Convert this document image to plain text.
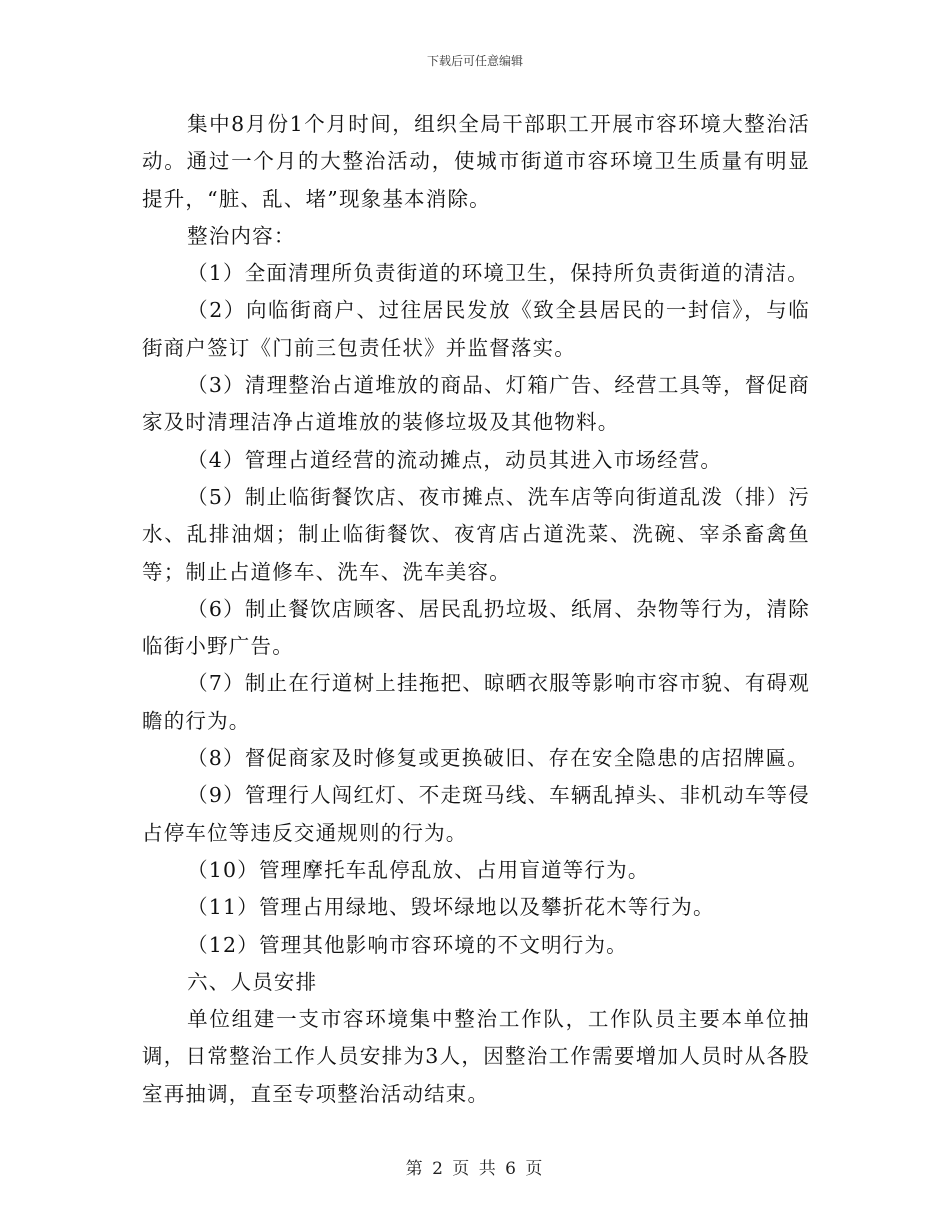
下载后可任意编辑

集中8月份1个月时间，组织全局干部职工开展市容环境大整治活动。通过一个月的大整治活动，使城市街道市容环境卫生质量有明显提升，“脏、乱、堵”现象基本消除。

整治内容：

（1）全面清理所负责街道的环境卫生，保持所负责街道的清洁。

（2）向临街商户、过往居民发放《致全县居民的一封信》，与临街商户签订《门前三包责任状》并监督落实。

（3）清理整治占道堆放的商品、灯箱广告、经营工具等，督促商家及时清理洁净占道堆放的装修垃圾及其他物料。

（4）管理占道经营的流动摊点，动员其进入市场经营。

（5）制止临街餐饮店、夜市摊点、洗车店等向街道乱泼（排）污水、乱排油烟；制止临街餐饮、夜宵店占道洗菜、洗碗、宰杀畜禽鱼等；制止占道修车、洗车、洗车美容。

（6）制止餐饮店顾客、居民乱扔垃圾、纸屑、杂物等行为，清除临街小野广告。

（7）制止在行道树上挂拖把、晾晒衣服等影响市容市貌、有碍观瞻的行为。

（8）督促商家及时修复或更换破旧、存在安全隐患的店招牌匾。

（9）管理行人闯红灯、不走斑马线、车辆乱掉头、非机动车等侵占停车位等违反交通规则的行为。

（10）管理摩托车乱停乱放、占用盲道等行为。

（11）管理占用绿地、毁坏绿地以及攀折花木等行为。

（12）管理其他影响市容环境的不文明行为。

六、人员安排

单位组建一支市容环境集中整治工作队，工作队员主要本单位抽调，日常整治工作人员安排为3人，因整治工作需要增加人员时从各股室再抽调，直至专项整治活动结束。

第 2 页 共 6 页
